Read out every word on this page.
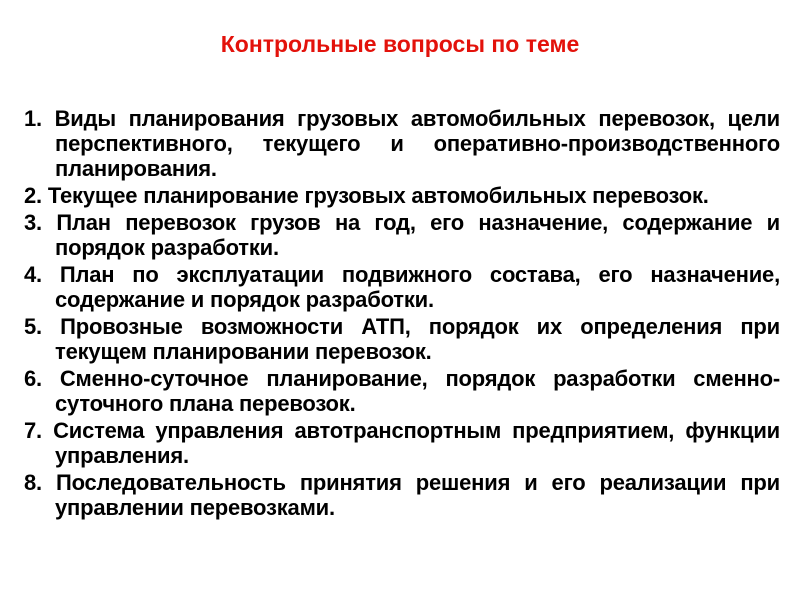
Контрольные вопросы по теме
1. Виды планирования грузовых автомобильных перевозок, цели перспективного, текущего и оперативно-производственного планирования.
2. Текущее планирование грузовых автомобильных перевозок.
3. План перевозок грузов на год, его назначение, содержание и порядок разработки.
4. План по эксплуатации подвижного состава, его назначение, содержание и порядок разработки.
5. Провозные возможности АТП, порядок их определения при текущем планировании перевозок.
6. Сменно-суточное планирование, порядок разработки сменно-суточного плана перевозок.
7. Система управления автотранспортным предприятием, функции управления.
8. Последовательность принятия решения и его реализации при управлении перевозками.
